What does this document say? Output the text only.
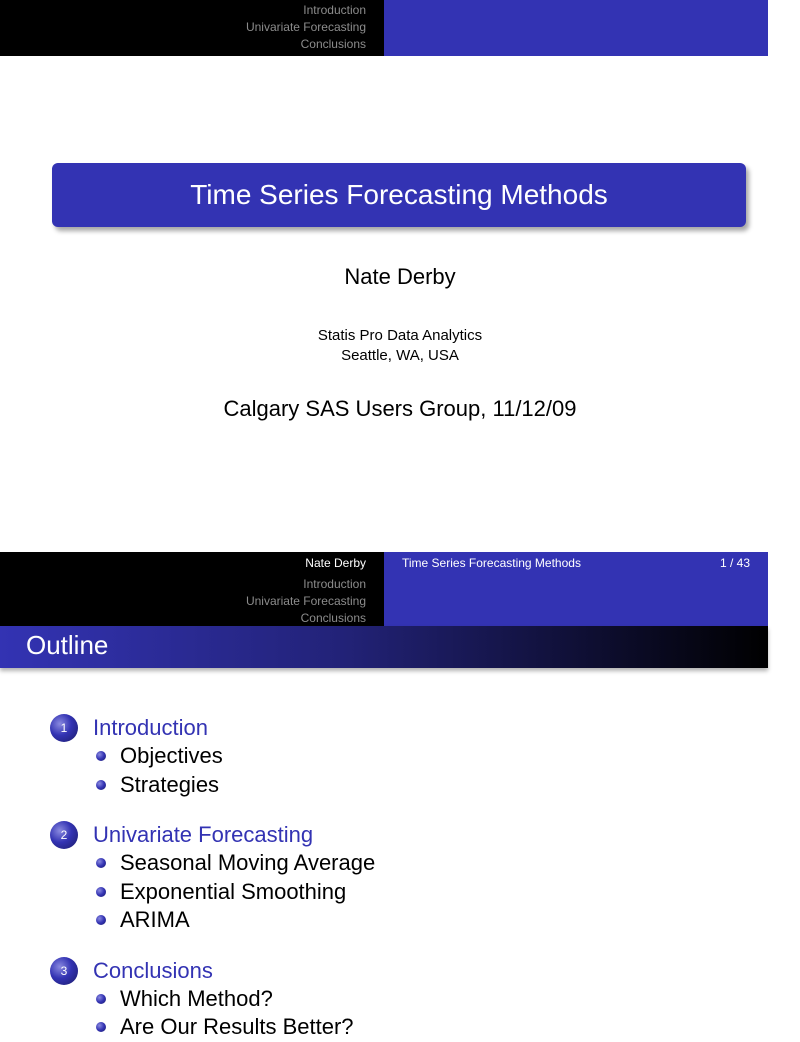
Introduction
Univariate Forecasting
Conclusions
Time Series Forecasting Methods
Nate Derby
Statis Pro Data Analytics
Seattle, WA, USA
Calgary SAS Users Group, 11/12/09
Nate Derby	Time Series Forecasting Methods	1 / 43
Introduction
Univariate Forecasting
Conclusions
Outline
1	Introduction
Objectives
Strategies
2	Univariate Forecasting
Seasonal Moving Average
Exponential Smoothing
ARIMA
3	Conclusions
Which Method?
Are Our Results Better?
